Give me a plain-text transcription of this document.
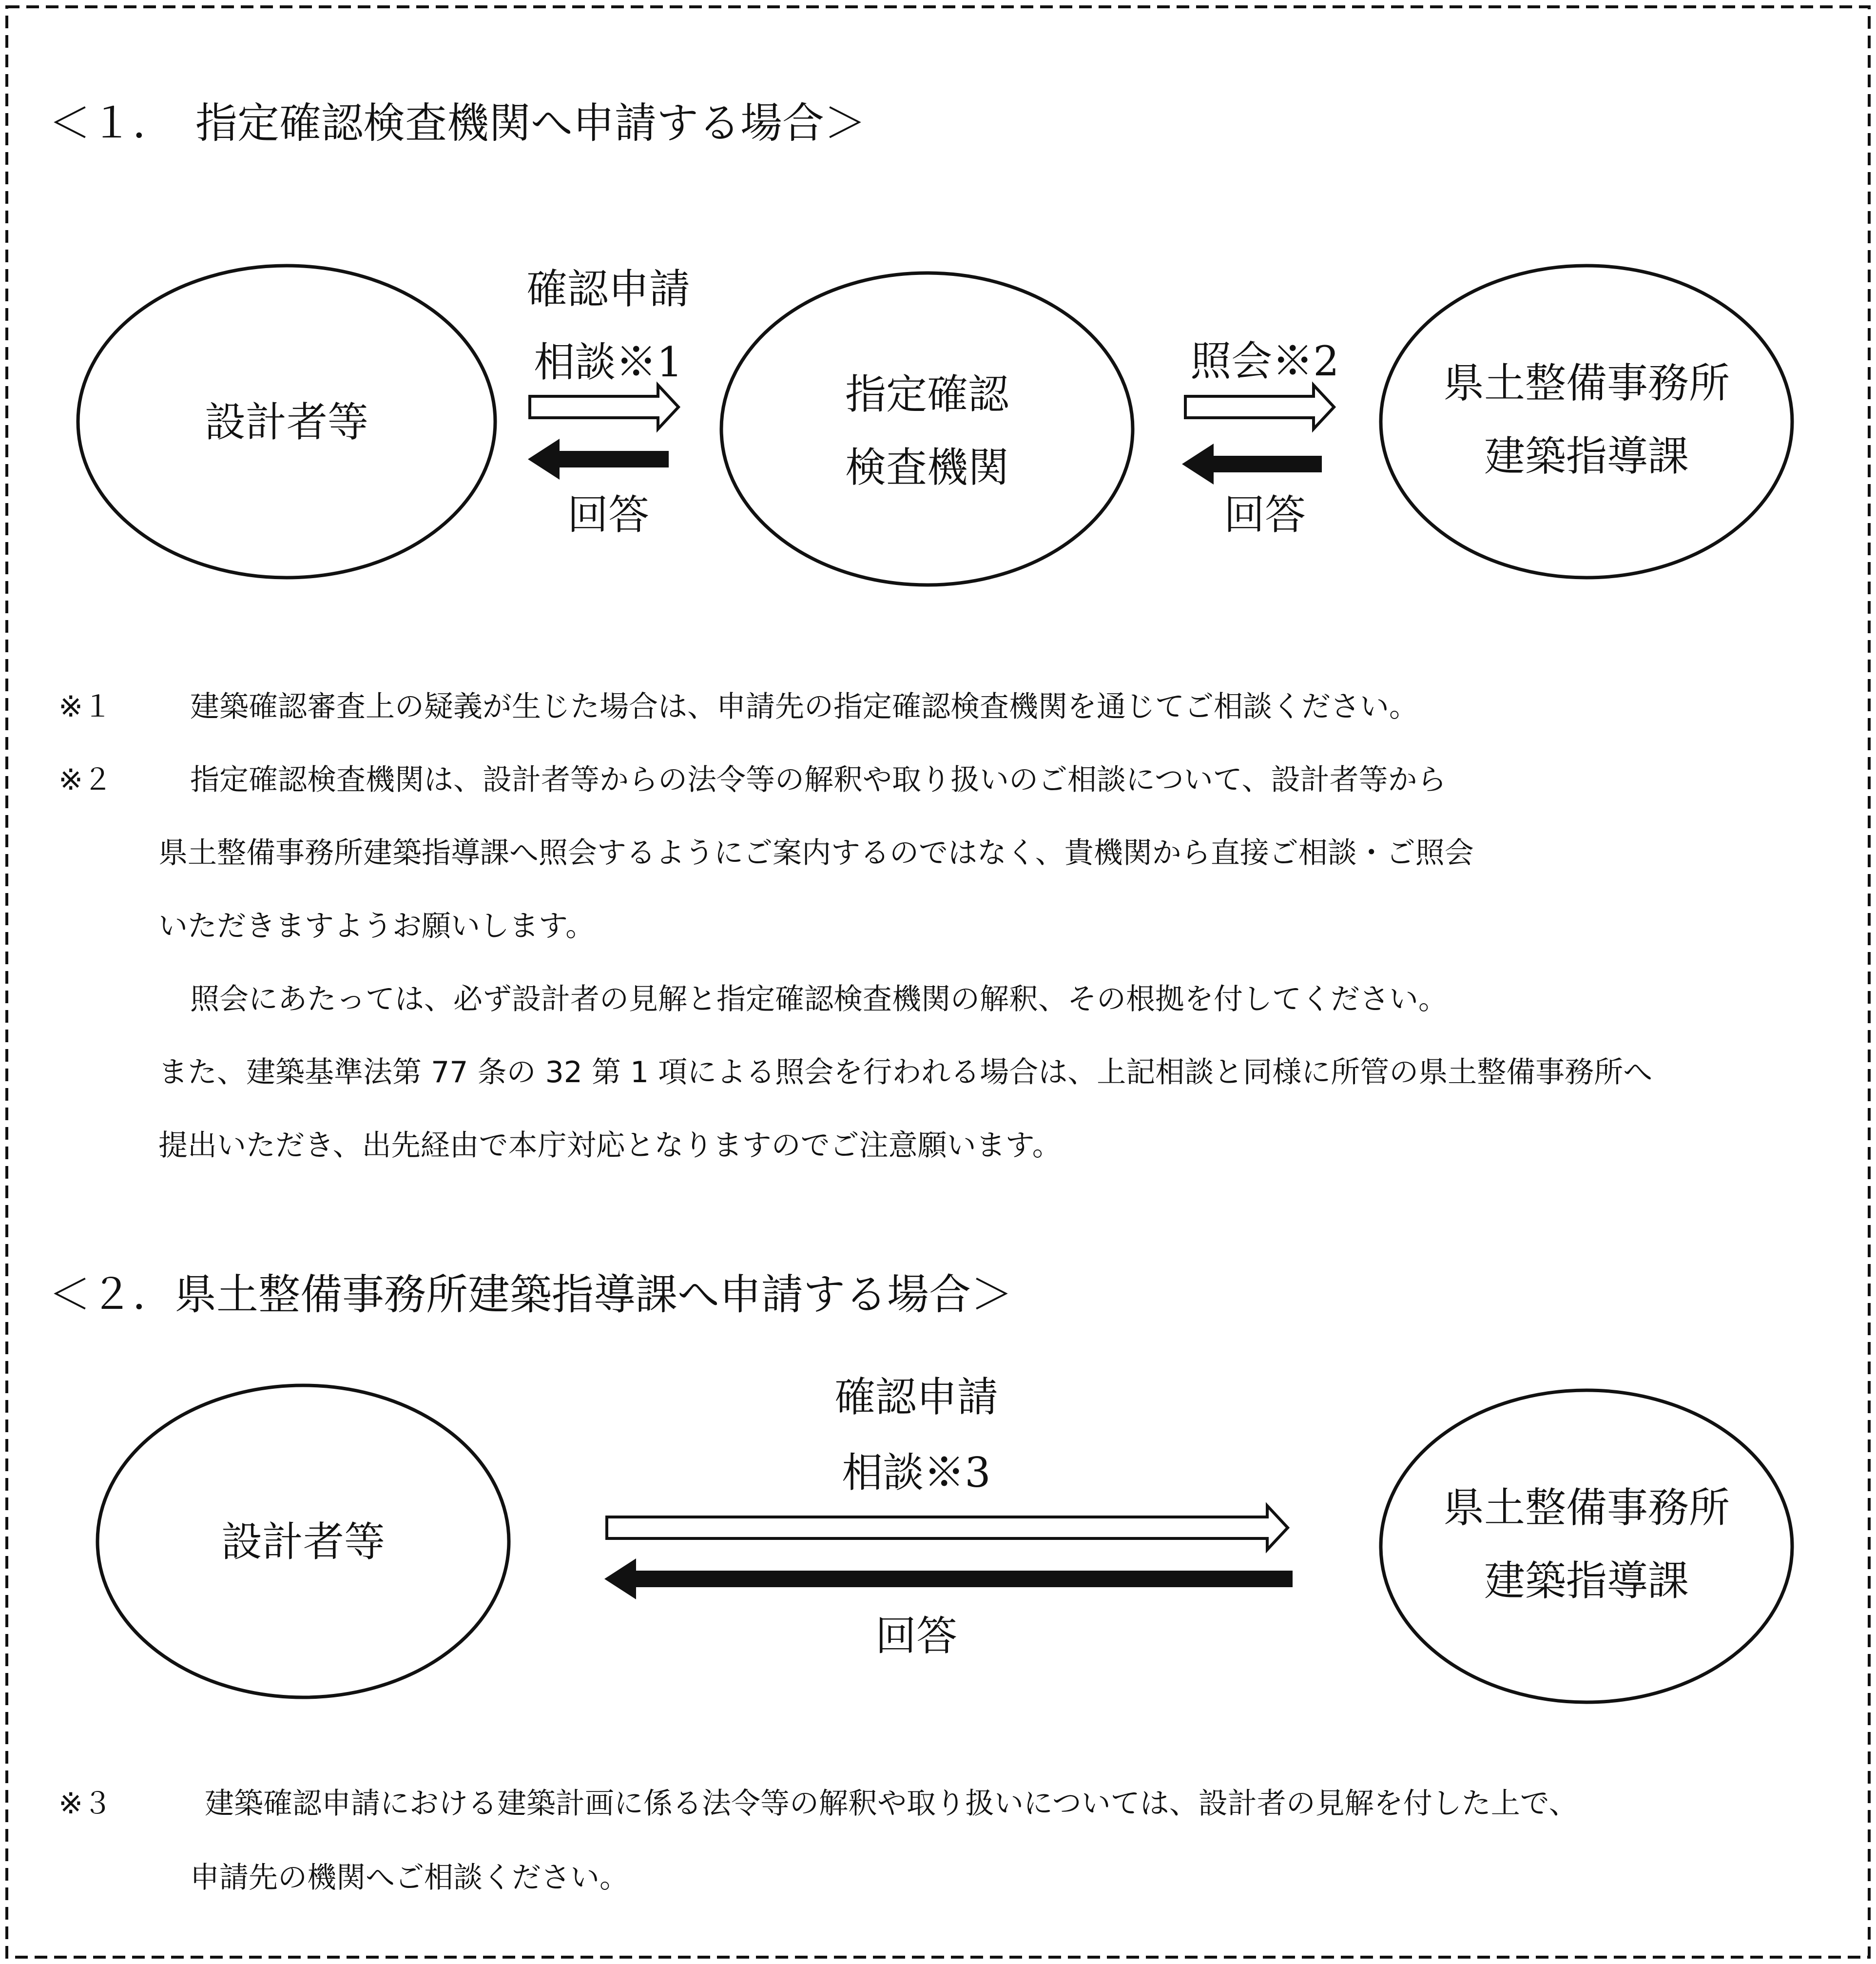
＜１．　指定確認検査機関へ申請する場合＞
設計者等
指定確認
検査機関
県土整備事務所
建築指導課
確認申請
相談※1
回答
照会※2
回答
※１	建築確認審査上の疑義が生じた場合は、申請先の指定確認検査機関を通じてご相談ください。
※２	指定確認検査機関は、設計者等からの法令等の解釈や取り扱いのご相談について、設計者等から
県土整備事務所建築指導課へ照会するようにご案内するのではなく、貴機関から直接ご相談・ご照会
いただきますようお願いします。
照会にあたっては、必ず設計者の見解と指定確認検査機関の解釈、その根拠を付してください。
また、建築基準法第 77 条の 32 第 1 項による照会を行われる場合は、上記相談と同様に所管の県土整備事務所へ
提出いただき、出先経由で本庁対応となりますのでご注意願います。
＜２．県土整備事務所建築指導課へ申請する場合＞
設計者等
県土整備事務所
建築指導課
確認申請
相談※3
回答
※３	建築確認申請における建築計画に係る法令等の解釈や取り扱いについては、設計者の見解を付した上で、
申請先の機関へご相談ください。
